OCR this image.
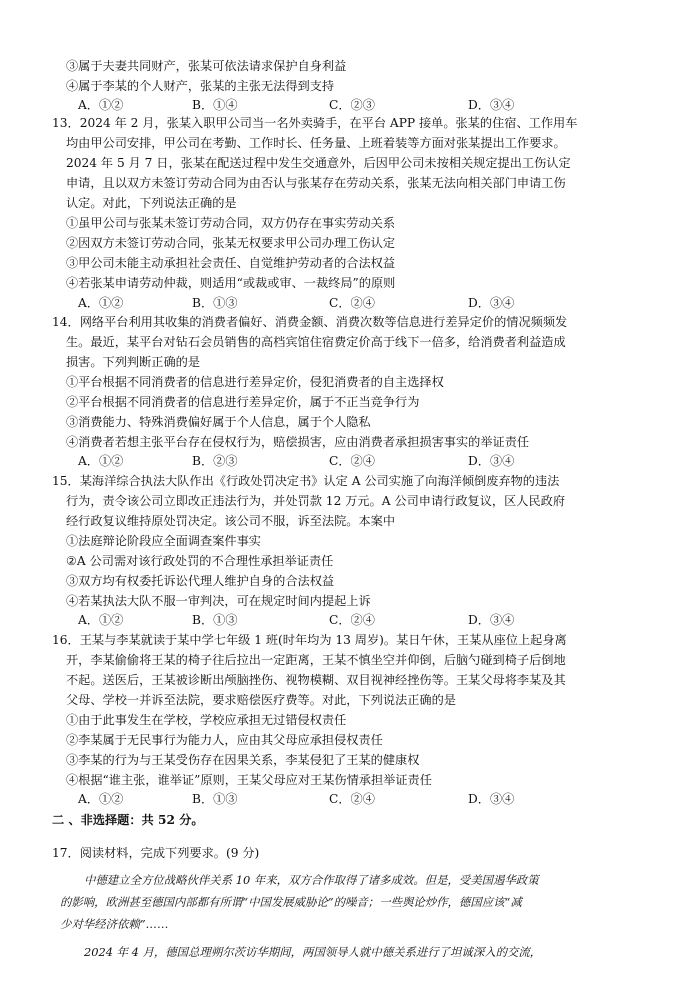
③属于夫妻共同财产，张某可依法请求保护自身利益
④属于李某的个人财产，张某的主张无法得到支持
A．①②	B．①④	C．②③	D．③④
13．2024 年 2 月，张某入职甲公司当一名外卖骑手，在平台 APP 接单。张某的住宿、工作用车
均由甲公司安排，甲公司在考勤、工作时长、任务量、上班着装等方面对张某提出工作要求。
2024 年 5 月 7 日，张某在配送过程中发生交通意外，后因甲公司未按相关规定提出工伤认定
申请，且以双方未签订劳动合同为由否认与张某存在劳动关系，张某无法向相关部门申请工伤
认定。对此，下列说法正确的是
①虽甲公司与张某未签订劳动合同，双方仍存在事实劳动关系
②因双方未签订劳动合同，张某无权要求甲公司办理工伤认定
③甲公司未能主动承担社会责任、自觉维护劳动者的合法权益
④若张某申请劳动仲裁，则适用“或裁或审、一裁终局”的原则
A．①②	B．①③	C．②④	D．③④
14．网络平台利用其收集的消费者偏好、消费金额、消费次数等信息进行差异定价的情况频频发
生。最近，某平台对钻石会员销售的高档宾馆住宿费定价高于线下一倍多，给消费者利益造成
损害。下列判断正确的是
①平台根据不同消费者的信息进行差异定价，侵犯消费者的自主选择权
②平台根据不同消费者的信息进行差异定价，属于不正当竞争行为
③消费能力、特殊消费偏好属于个人信息，属于个人隐私
④消费者若想主张平台存在侵权行为，赔偿损害，应由消费者承担损害事实的举证责任
A．①②	B．②③	C．②④	D．③④
15．某海洋综合执法大队作出《行政处罚决定书》认定 A 公司实施了向海洋倾倒废弃物的违法
行为，责令该公司立即改正违法行为，并处罚款 12 万元。A 公司申请行政复议，区人民政府
经行政复议维持原处罚决定。该公司不服，诉至法院。本案中
①法庭辩论阶段应全面调查案件事实
②A 公司需对该行政处罚的不合理性承担举证责任
③双方均有权委托诉讼代理人维护自身的合法权益
④若某执法大队不服一审判决，可在规定时间内提起上诉
A．①②	B．①③	C．②④	D．③④
16．王某与李某就读于某中学七年级 1 班(时年均为 13 周岁)。某日午休，王某从座位上起身离
开，李某偷偷将王某的椅子往后拉出一定距离，王某不慎坐空并仰倒，后脑勺碰到椅子后倒地
不起。送医后，王某被诊断出颅脑挫伤、视物模糊、双目视神经挫伤等。王某父母将李某及其
父母、学校一并诉至法院，要求赔偿医疗费等。对此，下列说法正确的是
①由于此事发生在学校，学校应承担无过错侵权责任
②李某属于无民事行为能力人，应由其父母应承担侵权责任
③李某的行为与王某受伤存在因果关系，李某侵犯了王某的健康权
④根据“谁主张，谁举证”原则，王某父母应对王某伤情承担举证责任
A．①②	B．①③	C．②④	D．③④
二 、非选择题：共 52 分。
17．阅读材料，完成下列要求。(9 分)
中德建立全方位战略伙伴关系 10 年来，双方合作取得了诸多成效。但是，受美国遏华政策
的影响，欧洲甚至德国内部都有所谓“中国发展威胁论”的噪音；一些舆论炒作，德国应该“减
少对华经济依赖”……
2024 年 4 月，德国总理朔尔茨访华期间，两国领导人就中德关系进行了坦诚深入的交流，
